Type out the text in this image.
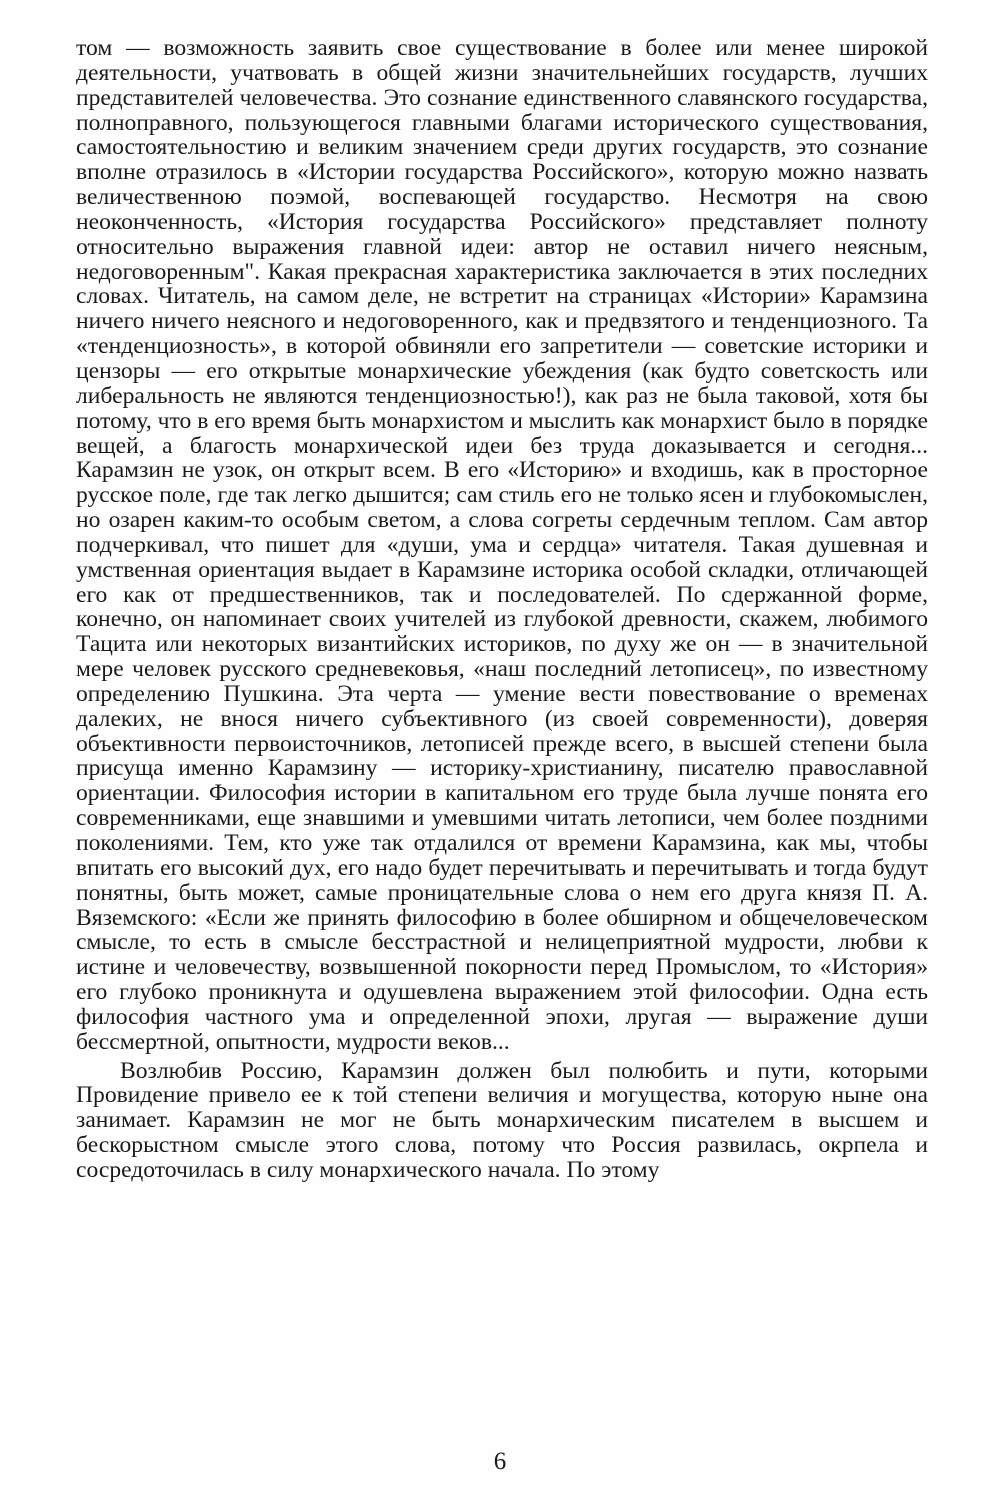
том — возможность заявить свое существование в более или менее широкой деятельности, учатвовать в общей жизни значительнейших государств, лучших представителей человечества. Это сознание единственного славянского государства, полноправного, пользующегося главными благами исторического существования, самостоятельностию и великим значением среди других государств, это сознание вполне отразилось в «Истории государства Российского», которую можно назвать величественною поэмой, воспевающей государство. Несмотря на свою неоконченность, «История государства Российского» представляет полноту относительно выражения главной идеи: автор не оставил ничего неясным, недоговоренным". Какая прекрасная характеристика заключается в этих последних словах. Читатель, на самом деле, не встретит на страницах «Истории» Карамзина ничего ничего неясного и недоговоренного, как и предвзятого и тенденциозного. Та «тенденциозность», в которой обвиняли его запретители — советские историки и цензоры — его открытые монархические убеждения (как будто советскость или либеральность не являются тенденциозностью!), как раз не была таковой, хотя бы потому, что в его время быть монархистом и мыслить как монархист было в порядке вещей, а благость монархической идеи без труда доказывается и сегодня... Карамзин не узок, он открыт всем. В его «Историю» и входишь, как в просторное русское поле, где так легко дышится; сам стиль его не только ясен и глубокомыслен, но озарен каким-то особым светом, а слова согреты сердечным теплом. Сам автор подчеркивал, что пишет для «души, ума и сердца» читателя. Такая душевная и умственная ориентация выдает в Карамзине историка особой складки, отличающей его как от предшественников, так и последователей. По сдержанной форме, конечно, он напоминает своих учителей из глубокой древности, скажем, любимого Тацита или некоторых византийских историков, по духу же он — в значительной мере человек русского средневековья, «наш последний летописец», по известному определению Пушкина. Эта черта — умение вести повествование о временах далеких, не внося ничего субъективного (из своей современности), доверяя объективности первоисточников, летописей прежде всего, в высшей степени была присуща именно Карамзину — историку-христианину, писателю православной ориентации. Философия истории в капитальном его труде была лучше понята его современниками, еще знавшими и умевшими читать летописи, чем более поздними поколениями. Тем, кто уже так отдалился от времени Карамзина, как мы, чтобы впитать его высокий дух, его надо будет перечитывать и перечитывать и тогда будут понятны, быть может, самые проницательные слова о нем его друга князя П. А. Вяземского: «Если же принять философию в более обширном и общечеловеческом смысле, то есть в смысле бесстрастной и нелицеприятной мудрости, любви к истине и человечеству, возвышенной покорности перед Промыслом, то «История» его глубоко проникнута и одушевлена выражением этой философии. Одна есть философия частного ума и определенной эпохи, лругая — выражение души бессмертной, опытности, мудрости веков...

Возлюбив Россию, Карамзин должен был полюбить и пути, которыми Провидение привело ее к той степени величия и могущества, которую ныне она занимает. Карамзин не мог не быть монархическим писателем в высшем и бескорыстном смысле этого слова, потому что Россия развилась, окрпела и сосредоточилась в силу монархического начала. По этому

6
